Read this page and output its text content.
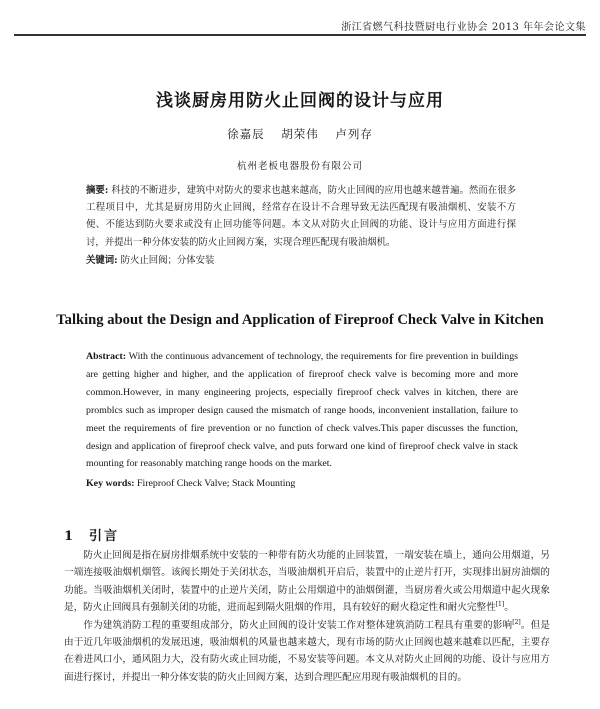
浙江省燃气科技暨厨电行业协会 2013 年年会论文集
浅谈厨房用防火止回阀的设计与应用
徐嘉辰 胡荣伟 卢列存
杭州老板电器股份有限公司
摘要: 科技的不断进步，建筑中对防火的要求也越来越高，防火止回阀的应用也越来越普遍。然而在很多工程项目中，尤其是厨房用防火止回阀，经常存在设计不合理导致无法匹配现有吸油烟机、安装不方便、不能达到防火要求或没有止回功能等问题。本文从对防火止回阀的功能、设计与应用方面进行探讨，并提出一种分体安装的防火止回阀方案，实现合理匹配现有吸油烟机。
关键词: 防火止回阀；分体安装
Talking about the Design and Application of Fireproof Check Valve in Kitchen
Abstract: With the continuous advancement of technology, the requirements for fire prevention in buildings are getting higher and higher, and the application of fireproof check valve is becoming more and more common.However, in many engineering projects, especially fireproof check valves in kitchen, there are promblcs such as improper design caused the mismatch of range hoods, inconvenient installation, failure to meet the requirements of fire prevention or no function of check valves.This paper discusses the function, design and application of fireproof check valve, and puts forward one kind of fireproof check valve in stack mounting for reasonably matching range hoods on the market.
Key words: Fireproof Check Valve; Stack Mounting
1 引言

防火止回阀是指在厨房排烟系统中安装的一种带有防火功能的止回装置，一端安装在墙上，通向公用烟道，另一端连接吸油烟机烟管。该阀长期处于关闭状态，当吸油烟机开启后，装置中的止逆片打开，实现排出厨房油烟的功能。当吸油烟机关闭时，装置中的止逆片关闭，防止公用烟道中的油烟倒灌，当厨房着火或公用烟道中起火现象是，防火止回阀具有强制关闭的功能，进而起到隔火阻烟的作用，具有较好的耐火稳定性和耐火完整性[1]。

作为建筑消防工程的重要组成部分，防火止回阀的设计安装工作对整体建筑消防工程具有重要的影响[2]。但是由于近几年吸油烟机的发展迅速，吸油烟机的风量也越来越大，现有市场的防火止回阀也越来越难以匹配，主要存在着进风口小，通风阻力大，没有防火或止回功能，不易安装等问题。本文从对防火止回阀的功能、设计与应用方面进行探讨，并提出一种分体安装的防火止回阀方案，达到合理匹配应用现有吸油烟机的目的。
